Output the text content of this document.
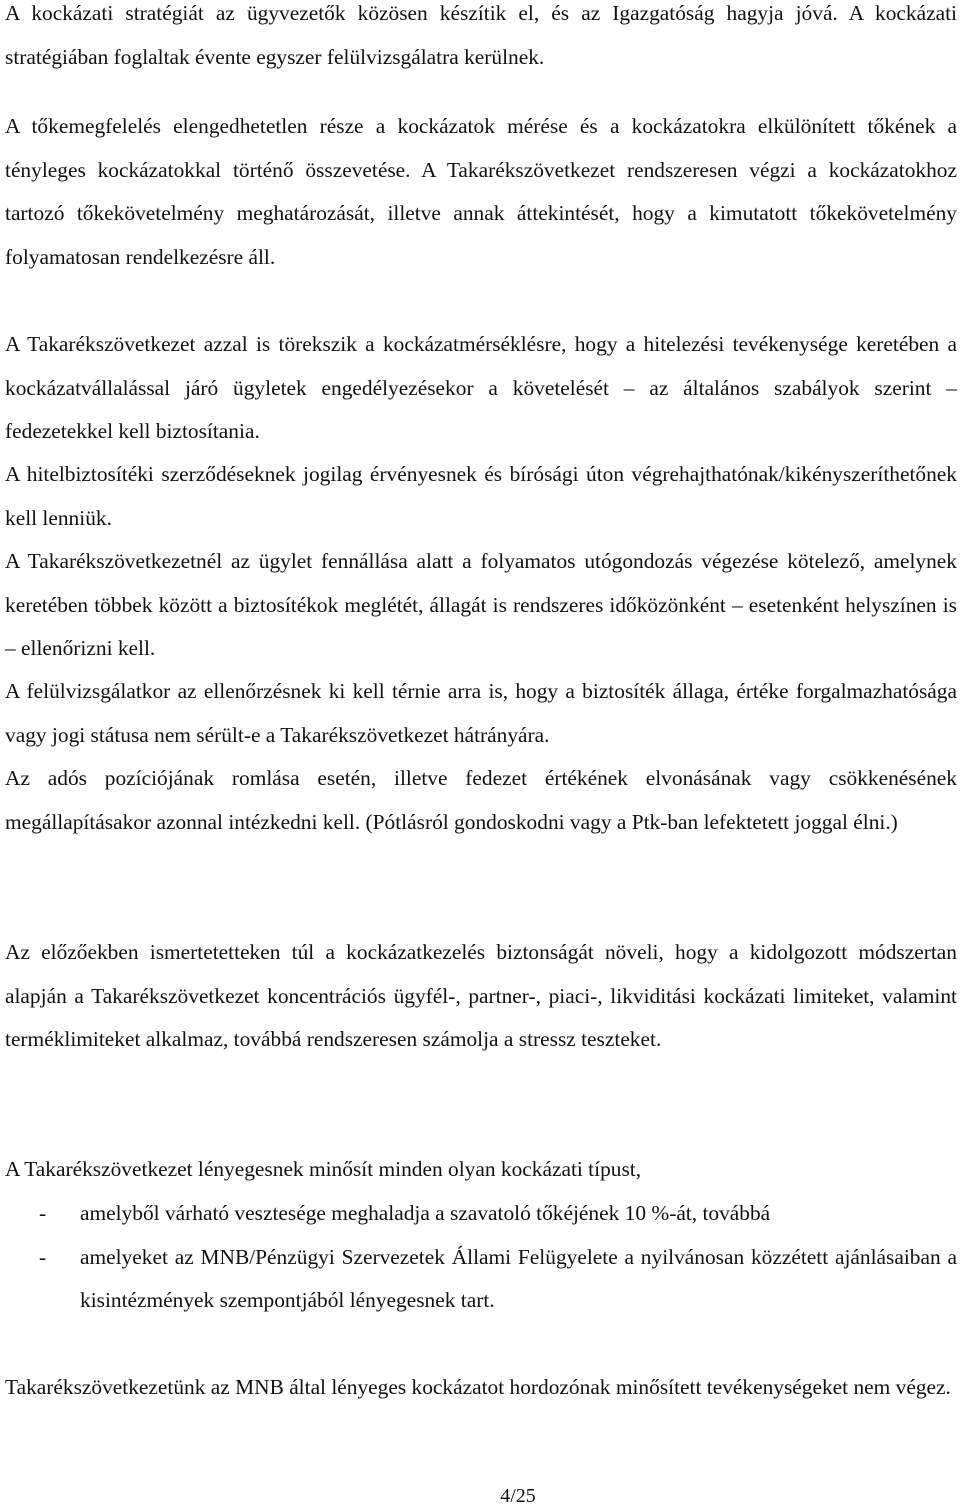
A kockázati stratégiát az ügyvezetők közösen készítik el, és az Igazgatóság hagyja jóvá. A kockázati stratégiában foglaltak évente egyszer felülvizsgálatra kerülnek.

A tőkemegfelelés elengedhetetlen része a kockázatok mérése és a kockázatokra elkülönített tőkének a tényleges kockázatokkal történő összevetése. A Takarékszövetkezet rendszeresen végzi a kockázatokhoz tartozó tőkekövetelmény meghatározását, illetve annak áttekintését, hogy a kimutatott tőkekövetelmény folyamatosan rendelkezésre áll.

A Takarékszövetkezet azzal is törekszik a kockázatmérséklésre, hogy a hitelezési tevékenysége keretében a kockázatvállalással járó ügyletek engedélyezésekor a követelését – az általános szabályok szerint – fedezetekkel kell biztosítania.

A hitelbiztosítéki szerződéseknek jogilag érvényesnek és bírósági úton végrehajthatónak/kikényszeríthetőnek kell lenniük.

A Takarékszövetkezetnél az ügylet fennállása alatt a folyamatos utógondozás végezése kötelező, amelynek keretében többek között a biztosítékok meglétét, állagát is rendszeres időközönként – esetenként helyszínen is – ellenőrizni kell.

A felülvizsgálatkor az ellenőrzésnek ki kell térnie arra is, hogy a biztosíték állaga, értéke forgalmazhatósága vagy jogi státusa nem sérült-e a Takarékszövetkezet hátrányára.

Az adós pozíciójának romlása esetén, illetve fedezet értékének elvonásának vagy csökkenésének megállapításakor azonnal intézkedni kell. (Pótlásról gondoskodni vagy a Ptk-ban lefektetett joggal élni.)

Az előzőekben ismertetetteken túl a kockázatkezelés biztonságát növeli, hogy a kidolgozott módszertan alapján a Takarékszövetkezet koncentrációs ügyfél-, partner-, piaci-, likviditási kockázati limiteket, valamint terméklimiteket alkalmaz, továbbá rendszeresen számolja a stressz teszteket.

A Takarékszövetkezet lényegesnek minősít minden olyan kockázati típust,

- amelyből várható vesztesége meghaladja a szavatoló tőkéjének 10 %-át, továbbá
- amelyeket az MNB/Pénzügyi Szervezetek Állami Felügyelete a nyilvánosan közzétett ajánlásaiban a kisintézmények szempontjából lényegesnek tart.

Takarékszövetkezetünk az MNB által lényeges kockázatot hordozónak minősített tevékenységeket nem végez.

4/25
